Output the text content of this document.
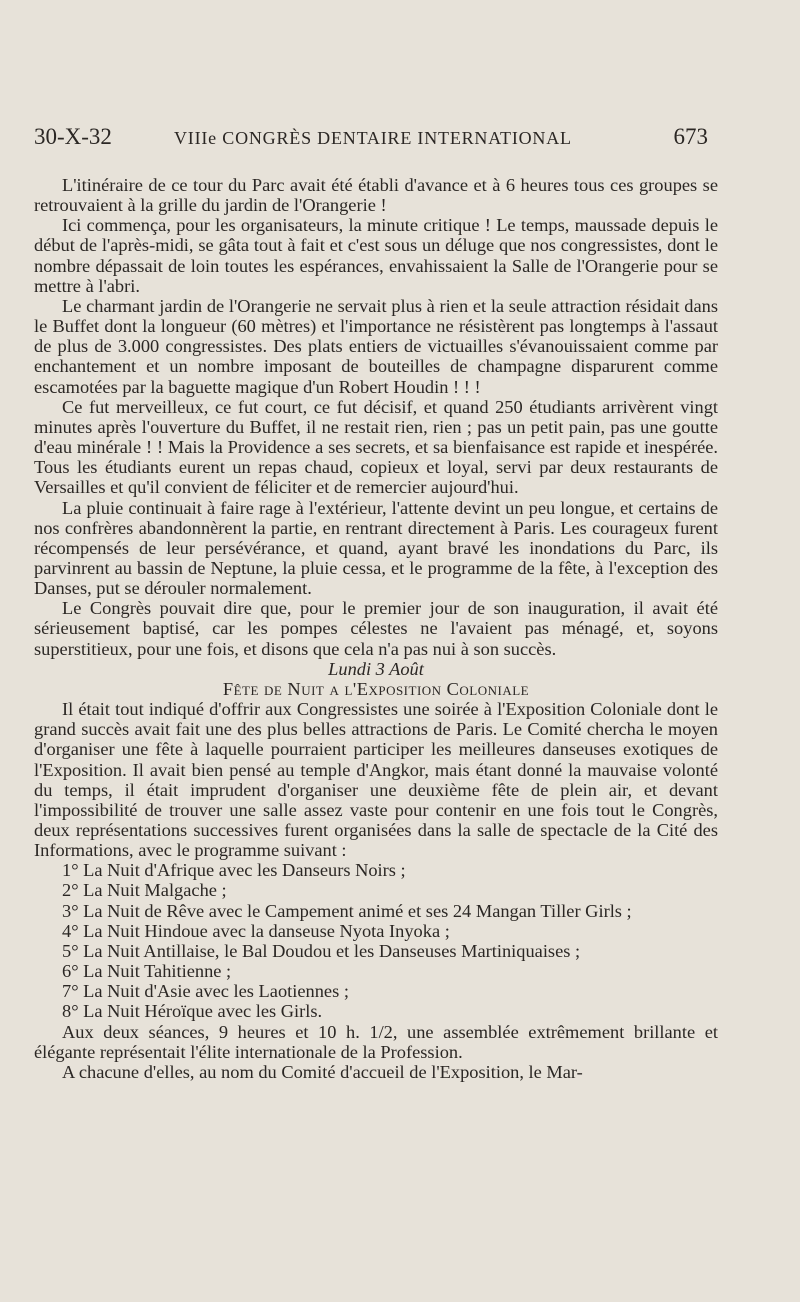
30-X-32	VIIIe CONGRÈS DENTAIRE INTERNATIONAL	673

L'itinéraire de ce tour du Parc avait été établi d'avance et à 6 heures tous ces groupes se retrouvaient à la grille du jardin de l'Orangerie !

Ici commença, pour les organisateurs, la minute critique ! Le temps, maussade depuis le début de l'après-midi, se gâta tout à fait et c'est sous un déluge que nos congressistes, dont le nombre dépassait de loin toutes les espérances, envahissaient la Salle de l'Orangerie pour se mettre à l'abri.

Le charmant jardin de l'Orangerie ne servait plus à rien et la seule attraction résidait dans le Buffet dont la longueur (60 mètres) et l'importance ne résistèrent pas longtemps à l'assaut de plus de 3.000 congressistes. Des plats entiers de victuailles s'évanouissaient comme par enchantement et un nombre imposant de bouteilles de champagne disparurent comme escamotées par la baguette magique d'un Robert Houdin ! ! !

Ce fut merveilleux, ce fut court, ce fut décisif, et quand 250 étudiants arrivèrent vingt minutes après l'ouverture du Buffet, il ne restait rien, rien ; pas un petit pain, pas une goutte d'eau minérale ! ! Mais la Providence a ses secrets, et sa bienfaisance est rapide et inespérée. Tous les étudiants eurent un repas chaud, copieux et loyal, servi par deux restaurants de Versailles et qu'il convient de féliciter et de remercier aujourd'hui.

La pluie continuait à faire rage à l'extérieur, l'attente devint un peu longue, et certains de nos confrères abandonnèrent la partie, en rentrant directement à Paris. Les courageux furent récompensés de leur persévérance, et quand, ayant bravé les inondations du Parc, ils parvinrent au bassin de Neptune, la pluie cessa, et le programme de la fête, à l'exception des Danses, put se dérouler normalement.

Le Congrès pouvait dire que, pour le premier jour de son inauguration, il avait été sérieusement baptisé, car les pompes célestes ne l'avaient pas ménagé, et, soyons superstitieux, pour une fois, et disons que cela n'a pas nui à son succès.

Lundi 3 Août

Fête de Nuit a l'Exposition Coloniale

Il était tout indiqué d'offrir aux Congressistes une soirée à l'Exposition Coloniale dont le grand succès avait fait une des plus belles attractions de Paris. Le Comité chercha le moyen d'organiser une fête à laquelle pourraient participer les meilleures danseuses exotiques de l'Exposition. Il avait bien pensé au temple d'Angkor, mais étant donné la mauvaise volonté du temps, il était imprudent d'organiser une deuxième fête de plein air, et devant l'impossibilité de trouver une salle assez vaste pour contenir en une fois tout le Congrès, deux représentations successives furent organisées dans la salle de spectacle de la Cité des Informations, avec le programme suivant :

1° La Nuit d'Afrique avec les Danseurs Noirs ;

2° La Nuit Malgache ;

3° La Nuit de Rêve avec le Campement animé et ses 24 Mangan Tiller Girls ;

4° La Nuit Hindoue avec la danseuse Nyota Inyoka ;

5° La Nuit Antillaise, le Bal Doudou et les Danseuses Martiniquaises ;

6° La Nuit Tahitienne ;

7° La Nuit d'Asie avec les Laotiennes ;

8° La Nuit Héroïque avec les Girls.

Aux deux séances, 9 heures et 10 h. 1/2, une assemblée extrêmement brillante et élégante représentait l'élite internationale de la Profession.

A chacune d'elles, au nom du Comité d'accueil de l'Exposition, le Mar-
